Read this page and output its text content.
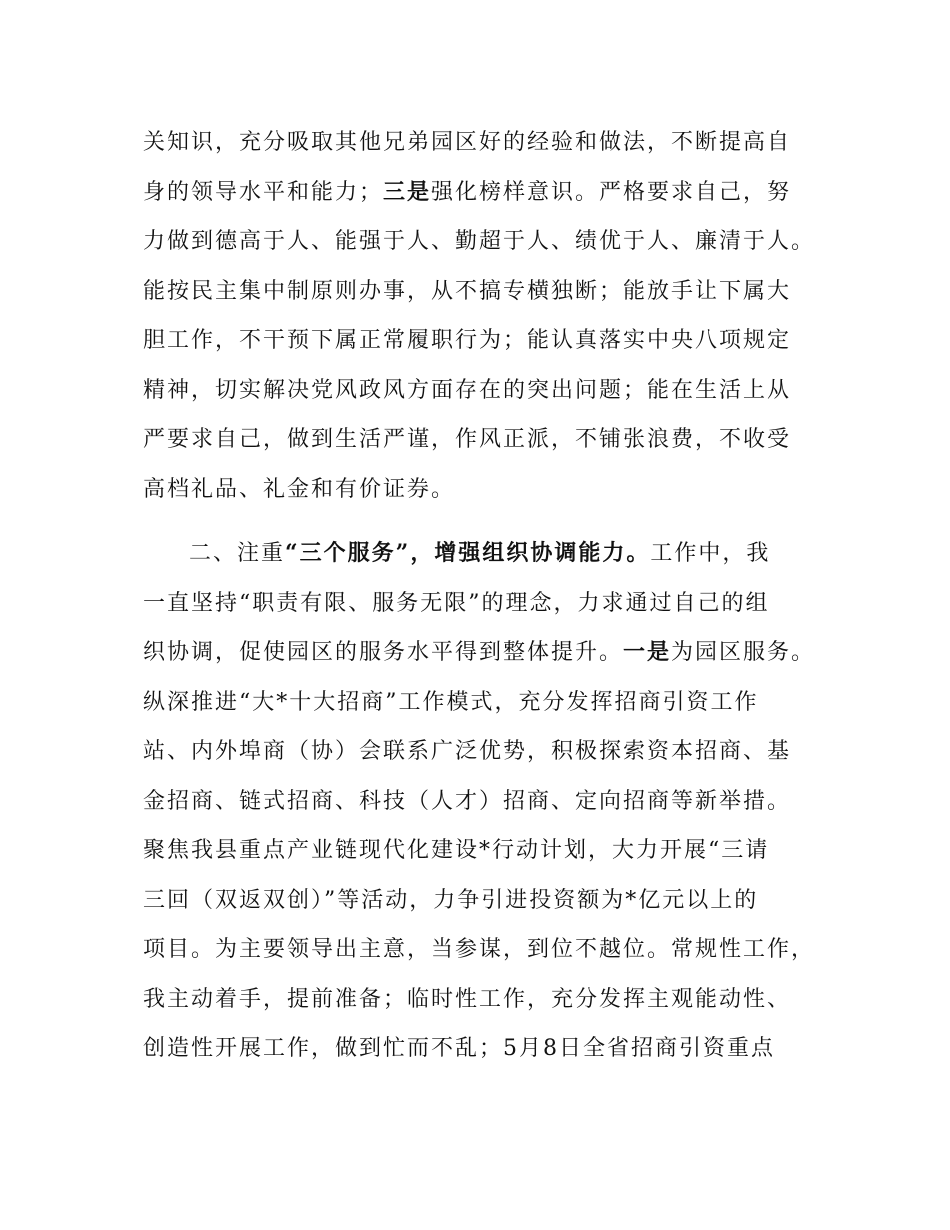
关知识，充分吸取其他兄弟园区好的经验和做法，不断提高自
身的领导水平和能力；三是强化榜样意识。严格要求自己，努
力做到德高于人、能强于人、勤超于人、绩优于人、廉清于人。
能按民主集中制原则办事，从不搞专横独断；能放手让下属大
胆工作，不干预下属正常履职行为；能认真落实中央八项规定
精神，切实解决党风政风方面存在的突出问题；能在生活上从
严要求自己，做到生活严谨，作风正派，不铺张浪费，不收受
高档礼品、礼金和有价证券。
二、注重“三个服务”，增强组织协调能力。工作中，我
一直坚持“职责有限、服务无限”的理念，力求通过自己的组
织协调，促使园区的服务水平得到整体提升。一是为园区服务。
纵深推进“大*十大招商”工作模式，充分发挥招商引资工作
站、内外埠商（协）会联系广泛优势，积极探索资本招商、基
金招商、链式招商、科技（人才）招商、定向招商等新举措。
聚焦我县重点产业链现代化建设*行动计划，大力开展“三请
三回（双返双创）”等活动，力争引进投资额为*亿元以上的
项目。为主要领导出主意，当参谋，到位不越位。常规性工作，
我主动着手，提前准备；临时性工作，充分发挥主观能动性、
创造性开展工作，做到忙而不乱；5月8日全省招商引资重点
